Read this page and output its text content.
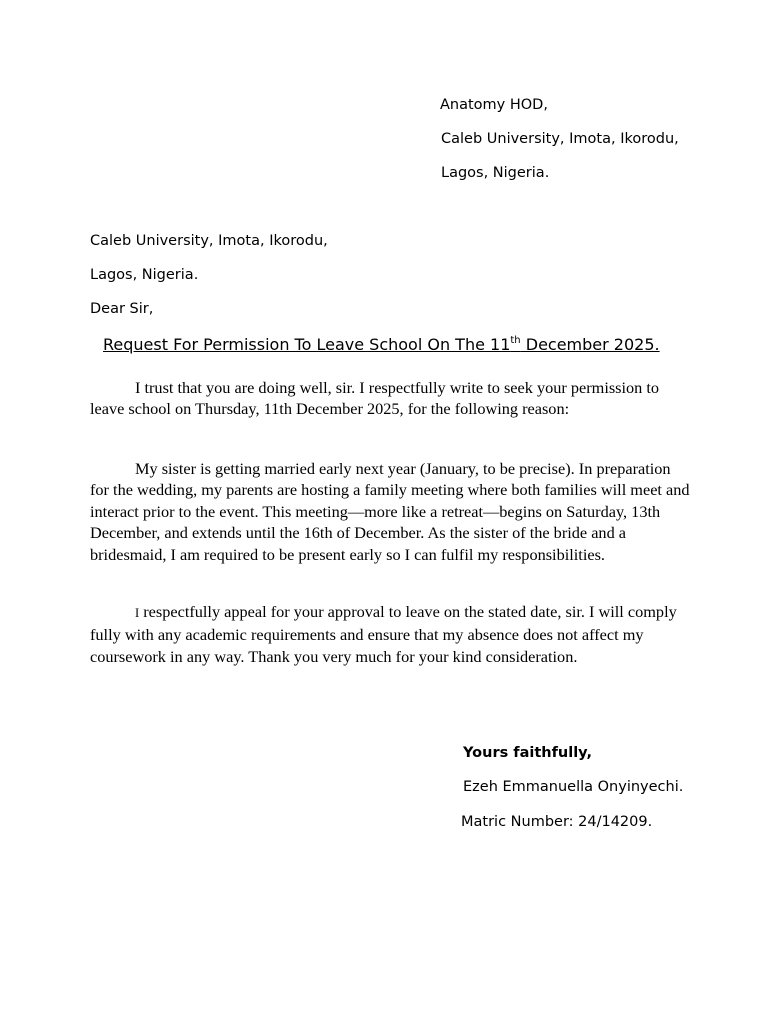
Anatomy HOD,
Caleb University, Imota, Ikorodu,
Lagos, Nigeria.
Caleb University, Imota, Ikorodu,
Lagos, Nigeria.
Dear Sir,
Request For Permission To Leave School On The 11th December 2025.

I trust that you are doing well, sir. I respectfully write to seek your permission to leave school on Thursday, 11th December 2025, for the following reason:

My sister is getting married early next year (January, to be precise). In preparation for the wedding, my parents are hosting a family meeting where both families will meet and interact prior to the event. This meeting—more like a retreat—begins on Saturday, 13th December, and extends until the 16th of December. As the sister of the bride and a bridesmaid, I am required to be present early so I can fulfil my responsibilities.

I respectfully appeal for your approval to leave on the stated date, sir. I will comply fully with any academic requirements and ensure that my absence does not affect my coursework in any way. Thank you very much for your kind consideration.

Yours faithfully,
Ezeh Emmanuella Onyinyechi.
Matric Number: 24/14209.
